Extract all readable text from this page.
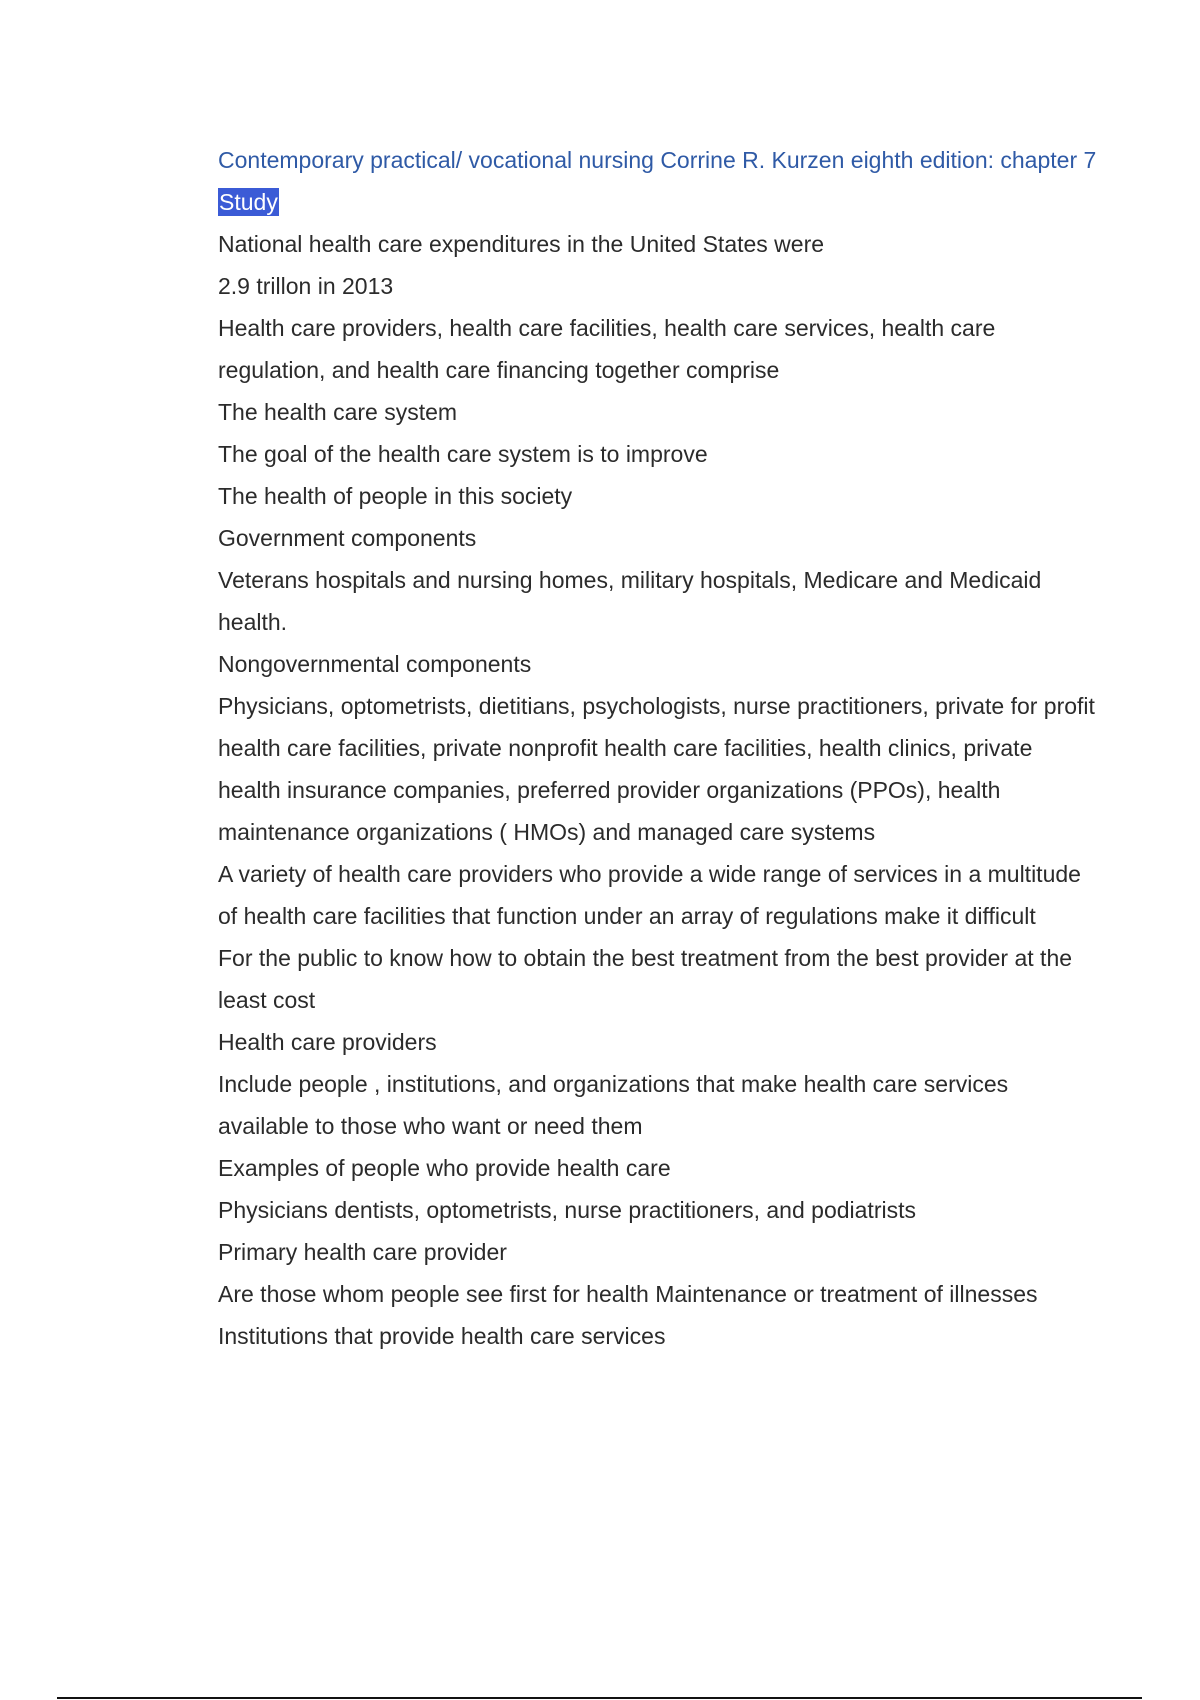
Contemporary practical/ vocational nursing Corrine R. Kurzen eighth edition: chapter 7

Study

National health care expenditures in the United States were

2.9 trillon in 2013

Health care providers, health care facilities, health care services, health care regulation, and health care financing together comprise

The health care system

The goal of the health care system is to improve

The health of people in this society

Government components

Veterans hospitals and nursing homes, military hospitals, Medicare and Medicaid health.

Nongovernmental components

Physicians, optometrists, dietitians, psychologists, nurse practitioners, private for profit health care facilities, private nonprofit health care facilities, health clinics, private health insurance companies, preferred provider organizations (PPOs), health maintenance organizations ( HMOs) and managed care systems

A variety of health care providers who provide a wide range of services in a multitude of health care facilities that function under an array of regulations make it difficult

For the public to know how to obtain the best treatment from the best provider at the least cost

Health care providers

Include people , institutions, and organizations that make health care services available to those who want or need them

Examples of people who provide health care

Physicians dentists, optometrists, nurse practitioners, and podiatrists

Primary health care provider

Are those whom people see first for health Maintenance or treatment of illnesses

Institutions that provide health care services
